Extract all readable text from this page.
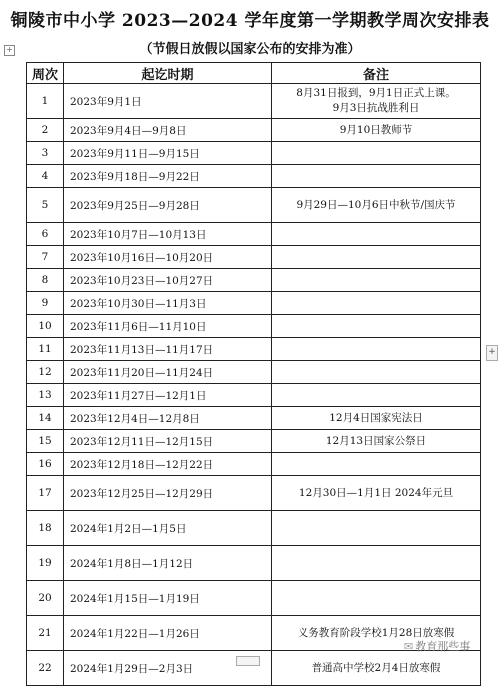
铜陵市中小学 2023—2024 学年度第一学期教学周次安排表
+	（节假日放假以国家公布的安排为准）
周次	起讫时期	备注
1	2023年9月1日	8月31日报到，9月1日正式上课。
9月3日抗战胜利日

2	2023年9月4日—9月8日	9月10日教师节
3	2023年9月11日—9月15日	
4	2023年9月18日—9月22日	
5	2023年9月25日—9月28日	9月29日—10月6日中秋节/国庆节
6	2023年10月7日—10月13日	
7	2023年10月16日—10月20日	
8	2023年10月23日—10月27日	
9	2023年10月30日—11月3日	
10	2023年11月6日—11月10日	
11	2023年11月13日—11月17日	
12	2023年11月20日—11月24日	
13	2023年11月27日—12月1日	
14	2023年12月4日—12月8日	12月4日国家宪法日
15	2023年12月11日—12月15日	12月13日国家公祭日
16	2023年12月18日—12月22日	
17	2023年12月25日—12月29日	12月30日—1月1日 2024年元旦
18	2024年1月2日—1月5日	
19	2024年1月8日—1月12日	
20	2024年1月15日—1月19日	
21	2024年1月22日—1月26日	义务教育阶段学校1月28日放寒假
22	2024年1月29日—2月3日	普通高中学校2月4日放寒假
+
✉ 教育那些事
